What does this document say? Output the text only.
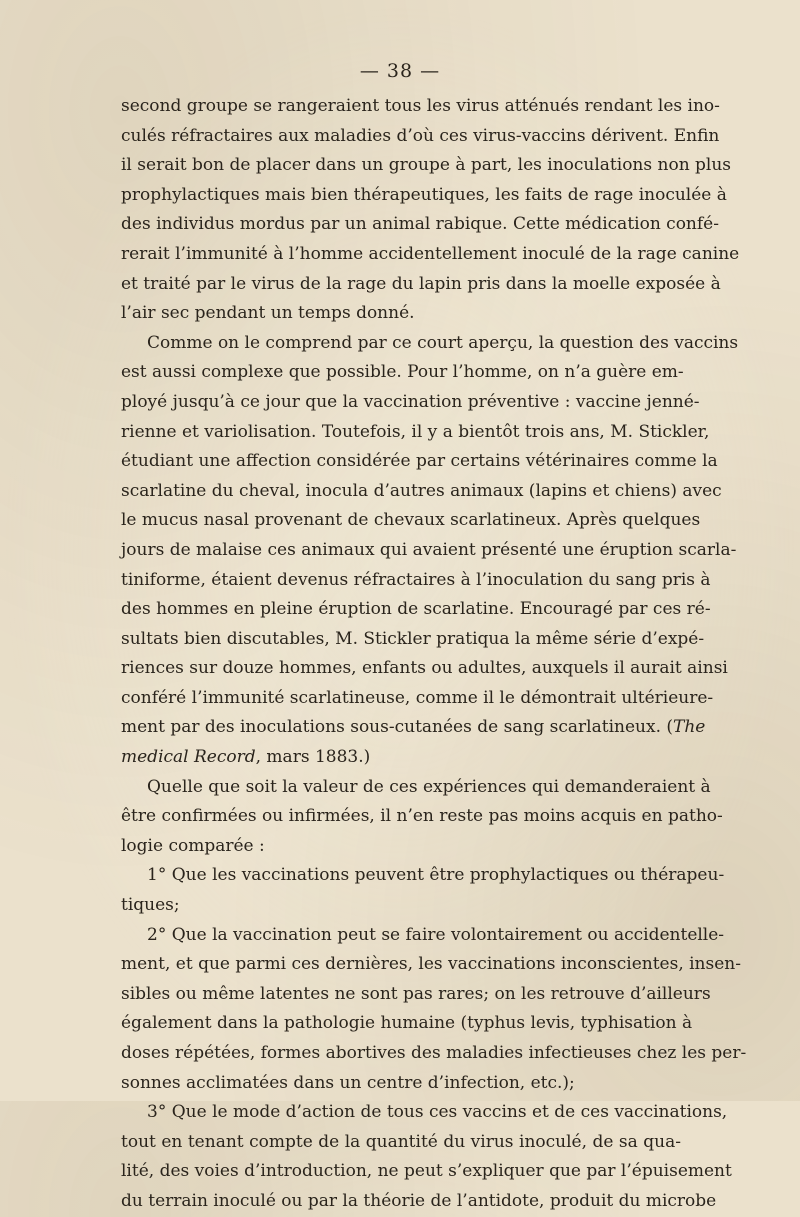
— 38 —
second groupe se rangeraient tous les virus atténués rendant les ino-
culés réfractaires aux maladies d’où ces virus-vaccins dérivent. Enfin
il serait bon de placer dans un groupe à part, les inoculations non plus
prophylactiques mais bien thérapeutiques, les faits de rage inoculée à
des individus mordus par un animal rabique. Cette médication confé-
rerait l’immunité à l’homme accidentellement inoculé de la rage canine
et traité par le virus de la rage du lapin pris dans la moelle exposée à
l’air sec pendant un temps donné.
Comme on le comprend par ce court aperçu, la question des vaccins
est aussi complexe que possible. Pour l’homme, on n’a guère em-
ployé jusqu’à ce jour que la vaccination préventive : vaccine jenné-
rienne et variolisation. Toutefois, il y a bientôt trois ans, M. Stickler,
étudiant une affection considérée par certains vétérinaires comme la
scarlatine du cheval, inocula d’autres animaux (lapins et chiens) avec
le mucus nasal provenant de chevaux scarlatineux. Après quelques
jours de malaise ces animaux qui avaient présenté une éruption scarla-
tiniforme, étaient devenus réfractaires à l’inoculation du sang pris à
des hommes en pleine éruption de scarlatine. Encouragé par ces ré-
sultats bien discutables, M. Stickler pratiqua la même série d’expé-
riences sur douze hommes, enfants ou adultes, auxquels il aurait ainsi
conféré l’immunité scarlatineuse, comme il le démontrait ultérieure-
ment par des inoculations sous-cutanées de sang scarlatineux. (The
medical Record, mars 1883.)
Quelle que soit la valeur de ces expériences qui demanderaient à
être confirmées ou infirmées, il n’en reste pas moins acquis en patho-
logie comparée :
1° Que les vaccinations peuvent être prophylactiques ou thérapeu-
tiques;
2° Que la vaccination peut se faire volontairement ou accidentelle-
ment, et que parmi ces dernières, les vaccinations inconscientes, insen-
sibles ou même latentes ne sont pas rares; on les retrouve d’ailleurs
également dans la pathologie humaine (typhus levis, typhisation à
doses répétées, formes abortives des maladies infectieuses chez les per-
sonnes acclimatées dans un centre d’infection, etc.);
3° Que le mode d’action de tous ces vaccins et de ces vaccinations,
tout en tenant compte de la quantité du virus inoculé, de sa qua-
lité, des voies d’introduction, ne peut s’expliquer que par l’épuisement
du terrain inoculé ou par la théorie de l’antidote, produit du microbe
